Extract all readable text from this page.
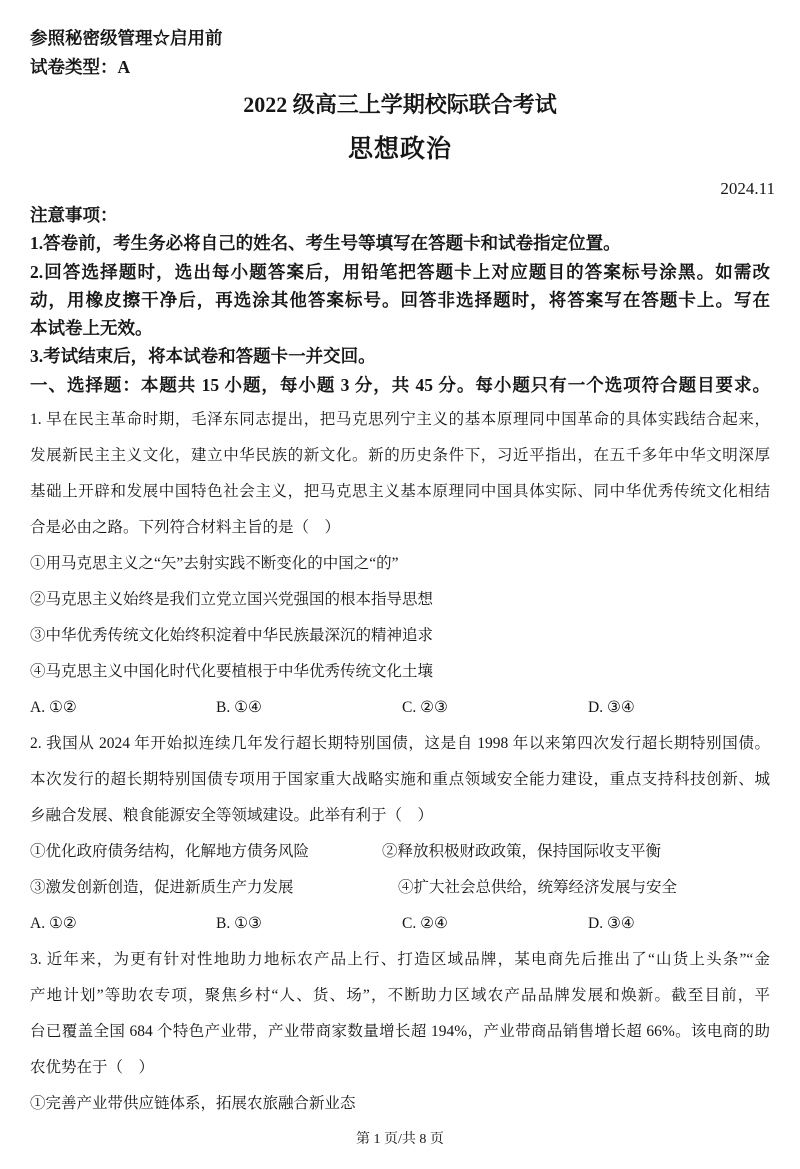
参照秘密级管理☆启用前
试卷类型：A
2022 级高三上学期校际联合考试
思想政治
2024.11
注意事项：
1.答卷前，考生务必将自己的姓名、考生号等填写在答题卡和试卷指定位置。
2.回答选择题时，选出每小题答案后，用铅笔把答题卡上对应题目的答案标号涂黑。如需改
动，用橡皮擦干净后，再选涂其他答案标号。回答非选择题时，将答案写在答题卡上。写在
本试卷上无效。
3.考试结束后，将本试卷和答题卡一并交回。
一、选择题：本题共 15 小题，每小题 3 分，共 45 分。每小题只有一个选项符合题目要求。
1. 早在民主革命时期，毛泽东同志提出，把马克思列宁主义的基本原理同中国革命的具体实践结合起来，
发展新民主主义文化，建立中华民族的新文化。新的历史条件下，习近平指出，在五千多年中华文明深厚
基础上开辟和发展中国特色社会主义，把马克思主义基本原理同中国具体实际、同中华优秀传统文化相结
合是必由之路。下列符合材料主旨的是（    ）
①用马克思主义之“矢”去射实践不断变化的中国之“的”
②马克思主义始终是我们立党立国兴党强国的根本指导思想
③中华优秀传统文化始终积淀着中华民族最深沉的精神追求
④马克思主义中国化时代化要植根于中华优秀传统文化土壤
A. ①②	B. ①④	C. ②③	D. ③④
2. 我国从 2024 年开始拟连续几年发行超长期特别国债，这是自 1998 年以来第四次发行超长期特别国债。
本次发行的超长期特别国债专项用于国家重大战略实施和重点领域安全能力建设，重点支持科技创新、城
乡融合发展、粮食能源安全等领域建设。此举有利于（    ）
①优化政府债务结构，化解地方债务风险	②释放积极财政政策，保持国际收支平衡
③激发创新创造，促进新质生产力发展	④扩大社会总供给，统筹经济发展与安全
A. ①②	B. ①③	C. ②④	D. ③④
3. 近年来，为更有针对性地助力地标农产品上行、打造区域品牌，某电商先后推出了“山货上头条”“金
产地计划”等助农专项，聚焦乡村“人、货、场”，不断助力区域农产品品牌发展和焕新。截至目前，平
台已覆盖全国 684 个特色产业带，产业带商家数量增长超 194%，产业带商品销售增长超 66%。该电商的助
农优势在于（    ）
①完善产业带供应链体系，拓展农旅融合新业态
第 1 页/共 8 页
